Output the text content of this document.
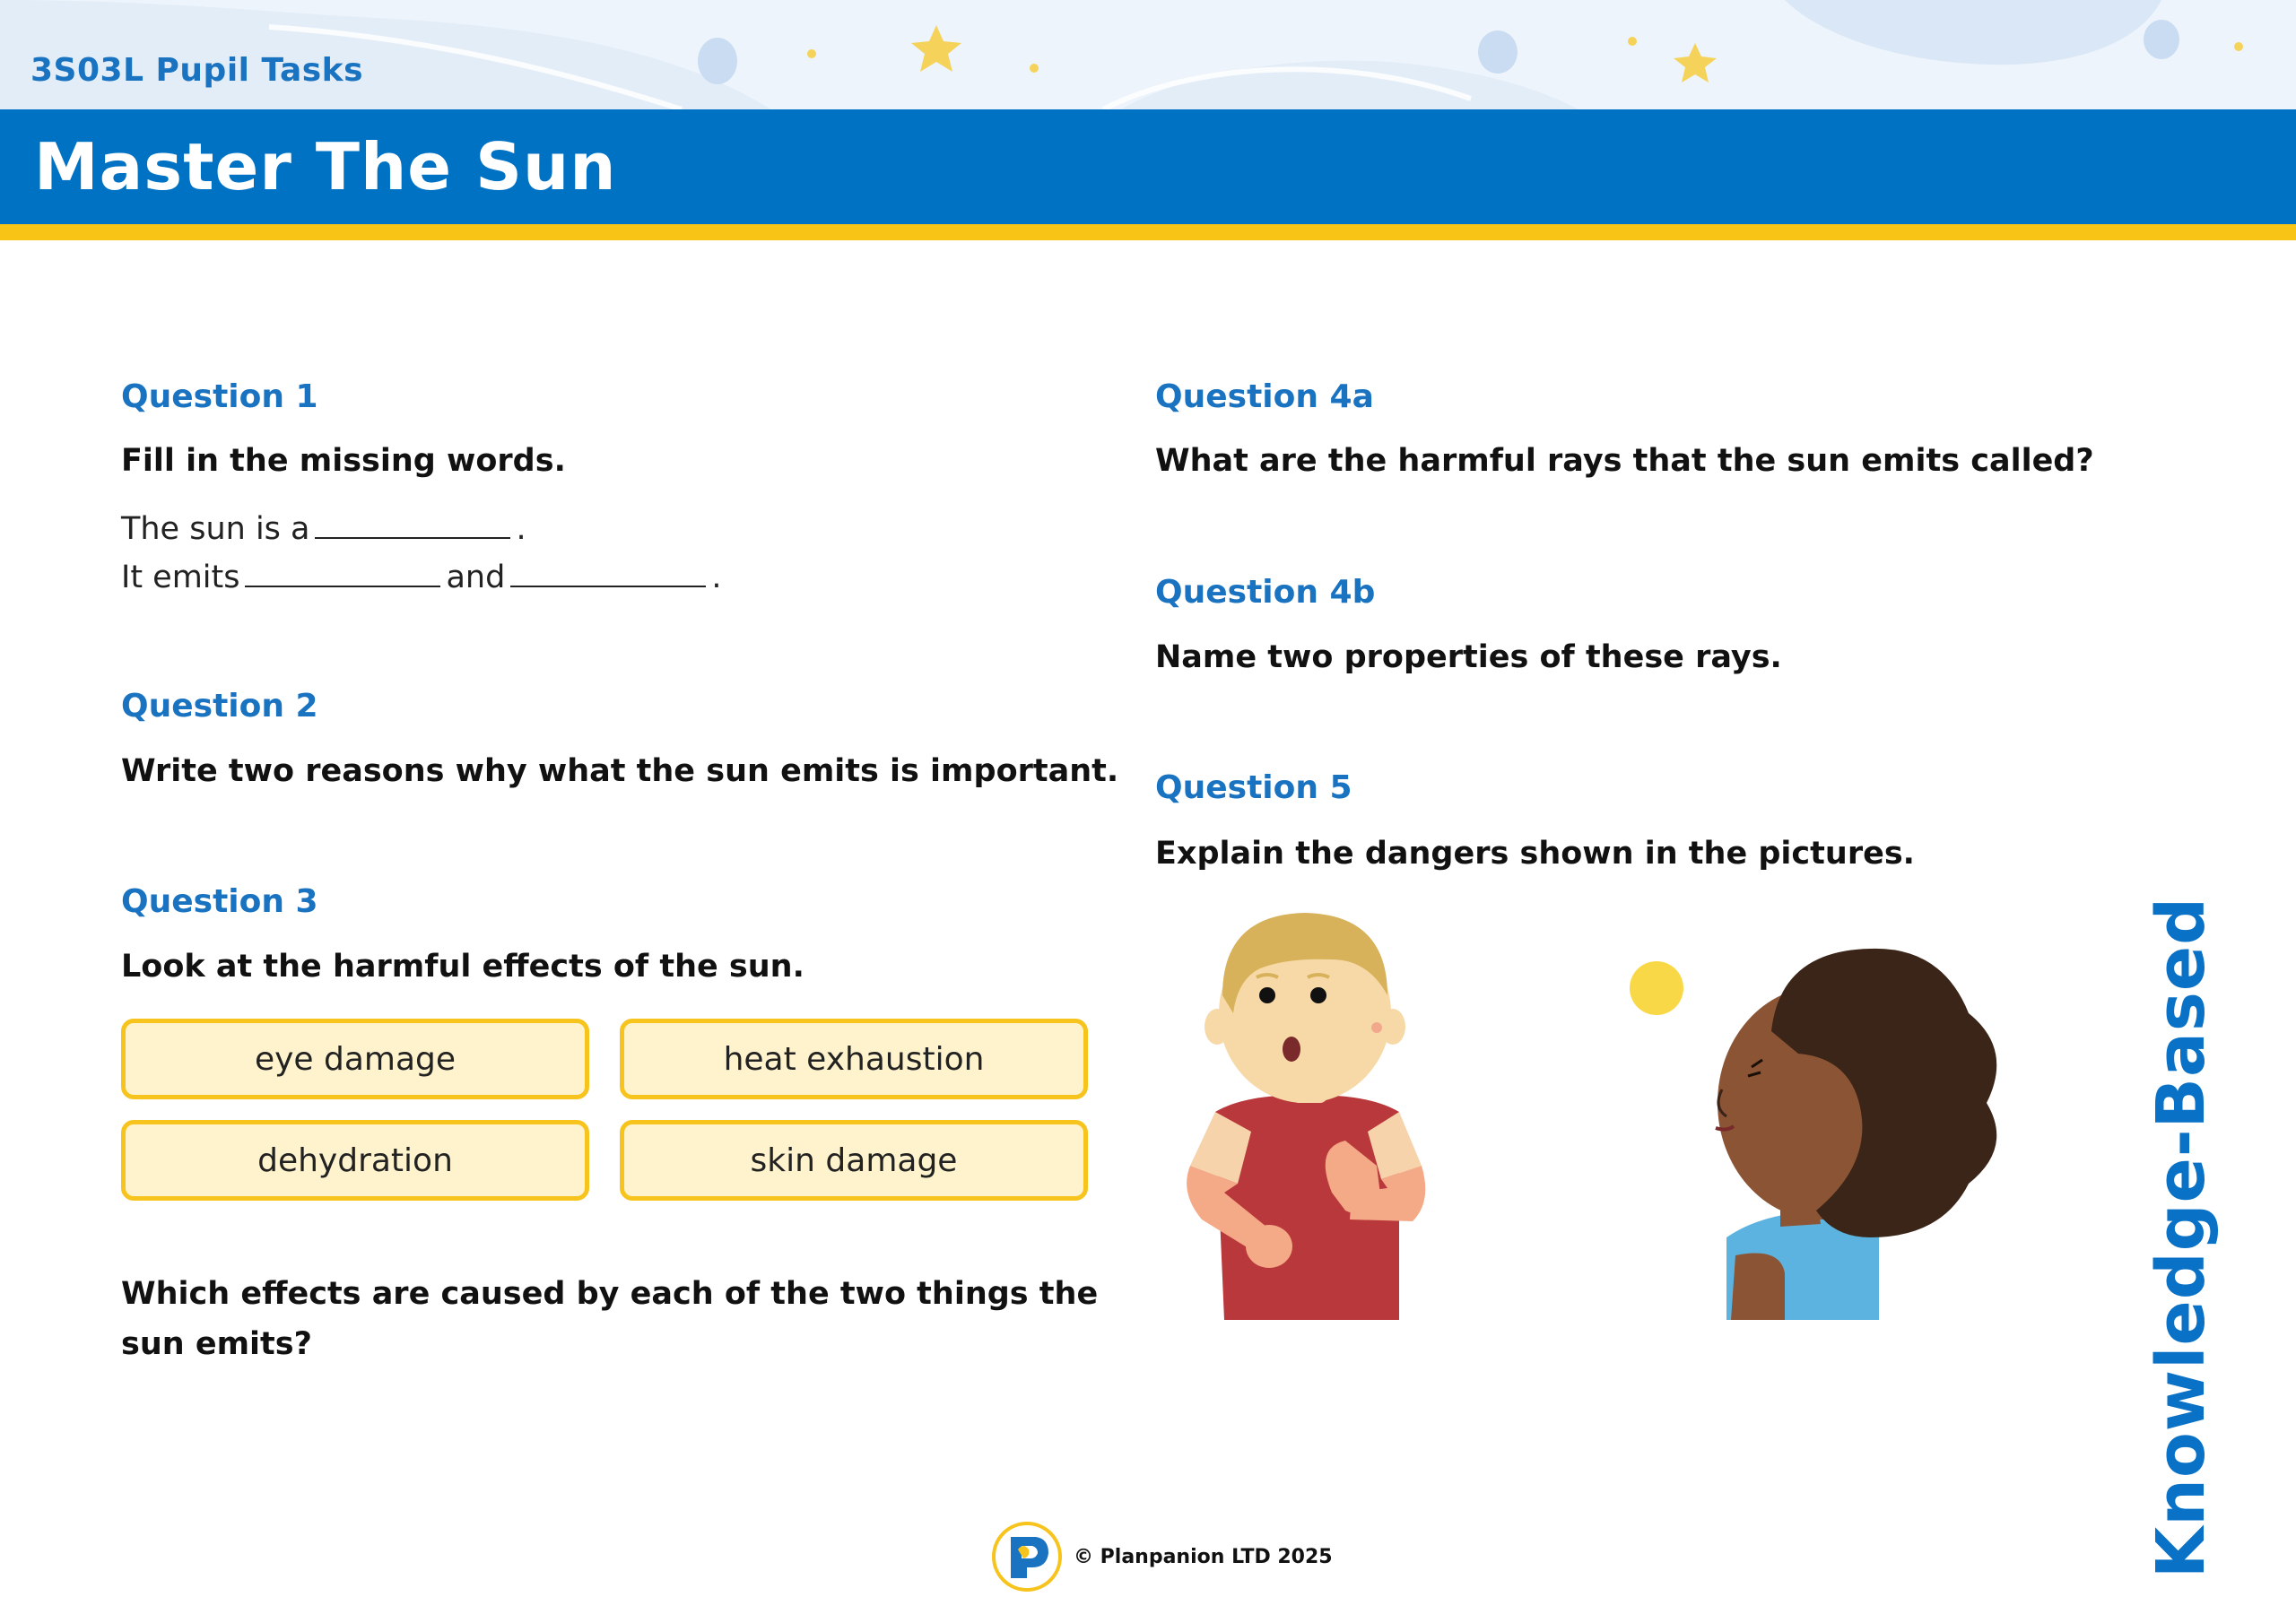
3S03L Pupil Tasks
Master The Sun
Question 1
Fill in the missing words.
The sun is a	.
It emits	and	.
Question 2
Write two reasons why what the sun emits is important.
Question 3
Look at the harmful effects of the sun.
eye damage	heat exhaustion
dehydration	skin damage
Which effects are caused by each of the two things the sun emits?
Question 4a
What are the harmful rays that the sun emits called?
Question 4b
Name two properties of these rays.
Question 5
Explain the dangers shown in the pictures.
Knowledge-Based
© Planpanion LTD 2025
